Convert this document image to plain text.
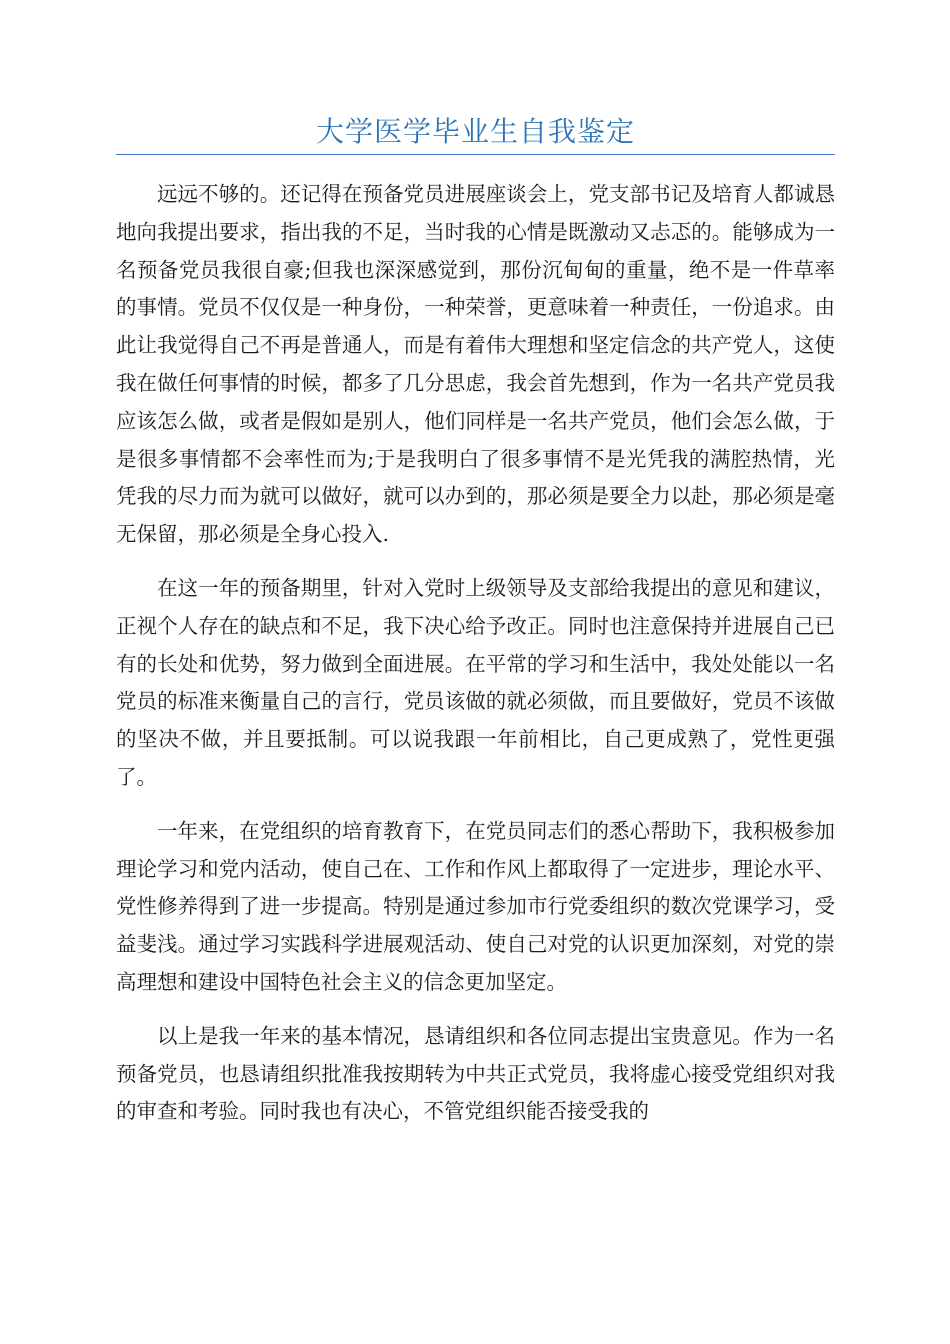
大学医学毕业生自我鉴定

远远不够的。还记得在预备党员进展座谈会上，党支部书记及培育人都诚恳地向我提出要求，指出我的不足，当时我的心情是既激动又忐忑的。能够成为一名预备党员我很自豪;但我也深深感觉到，那份沉甸甸的重量，绝不是一件草率的事情。党员不仅仅是一种身份，一种荣誉，更意味着一种责任，一份追求。由此让我觉得自己不再是普通人，而是有着伟大理想和坚定信念的共产党人，这使我在做任何事情的时候，都多了几分思虑，我会首先想到，作为一名共产党员我应该怎么做，或者是假如是别人，他们同样是一名共产党员，他们会怎么做，于是很多事情都不会率性而为;于是我明白了很多事情不是光凭我的满腔热情，光凭我的尽力而为就可以做好，就可以办到的，那必须是要全力以赴，那必须是毫无保留，那必须是全身心投入.

在这一年的预备期里，针对入党时上级领导及支部给我提出的意见和建议，正视个人存在的缺点和不足，我下决心给予改正。同时也注意保持并进展自己已有的长处和优势，努力做到全面进展。在平常的学习和生活中，我处处能以一名党员的标准来衡量自己的言行，党员该做的就必须做，而且要做好，党员不该做的坚决不做，并且要抵制。可以说我跟一年前相比，自己更成熟了，党性更强了。

一年来，在党组织的培育教育下，在党员同志们的悉心帮助下，我积极参加理论学习和党内活动，使自己在、工作和作风上都取得了一定进步，理论水平、党性修养得到了进一步提高。特别是通过参加市行党委组织的数次党课学习，受益斐浅。通过学习实践科学进展观活动、使自己对党的认识更加深刻，对党的崇高理想和建设中国特色社会主义的信念更加坚定。

以上是我一年来的基本情况，恳请组织和各位同志提出宝贵意见。作为一名预备党员，也恳请组织批准我按期转为中共正式党员，我将虚心接受党组织对我的审查和考验。同时我也有决心，不管党组织能否接受我的
